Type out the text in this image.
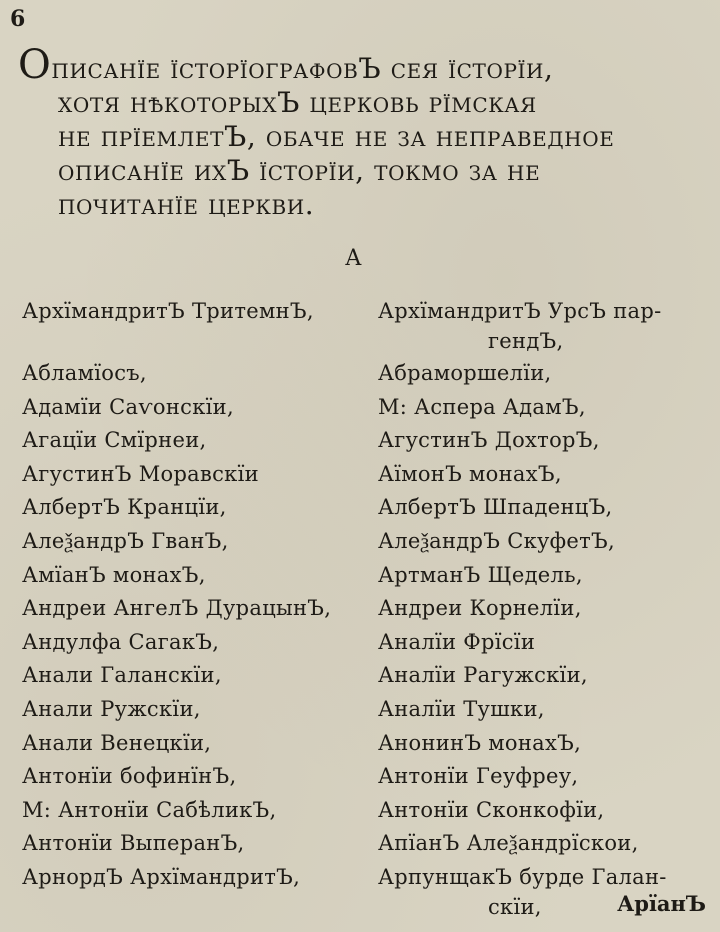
6
Описанїе їсторїографовЪ сея їсторїи,
хотя нѣкоторыхЪ церковь рїмская
не прїемлетЪ, обаче не за неправедное
описанїе ихЪ їсторїи, токмо за не
почитанїе церкви.
А
АрхїмандритЪ ТритемнЪ,
Абламїосъ,
Адамїи Саѵонскїи,
Агацїи Смїрнеи,
АгустинЪ Моравскїи
АлбертЪ Кранцїи,
АлеѯандрЪ ГванЪ,
АмїанЪ монахЪ,
Андреи АнгелЪ ДурацынЪ,
Андулфа СагакЪ,
Анали Галанскїи,
Анали Ружскїи,
Анали Венецкїи,
Антонїи бофинїнЪ,
М: Антонїи СабѣликЪ,
Антонїи ВыперанЪ,
АрнордЪ АрхїмандритЪ,
АрхїмандритЪ УрсЪ пар-
гендЪ,
Абраморшелїи,
М: Аспера АдамЪ,
АгустинЪ ДохторЪ,
АїмонЪ монахЪ,
АлбертЪ ШпаденцЪ,
АлеѯандрЪ СкуфетЪ,
АртманЪ Щедель,
Андреи Корнелїи,
Аналїи Фрїсїи
Аналїи Рагужскїи,
Аналїи Тушки,
АнонинЪ монахЪ,
Антонїи Геуфреу,
Антонїи Сконкофїи,
АпїанЪ Алеѯандрїскои,
АрпунщакЪ бурде Галан-
скїи,	АрїанЪ
